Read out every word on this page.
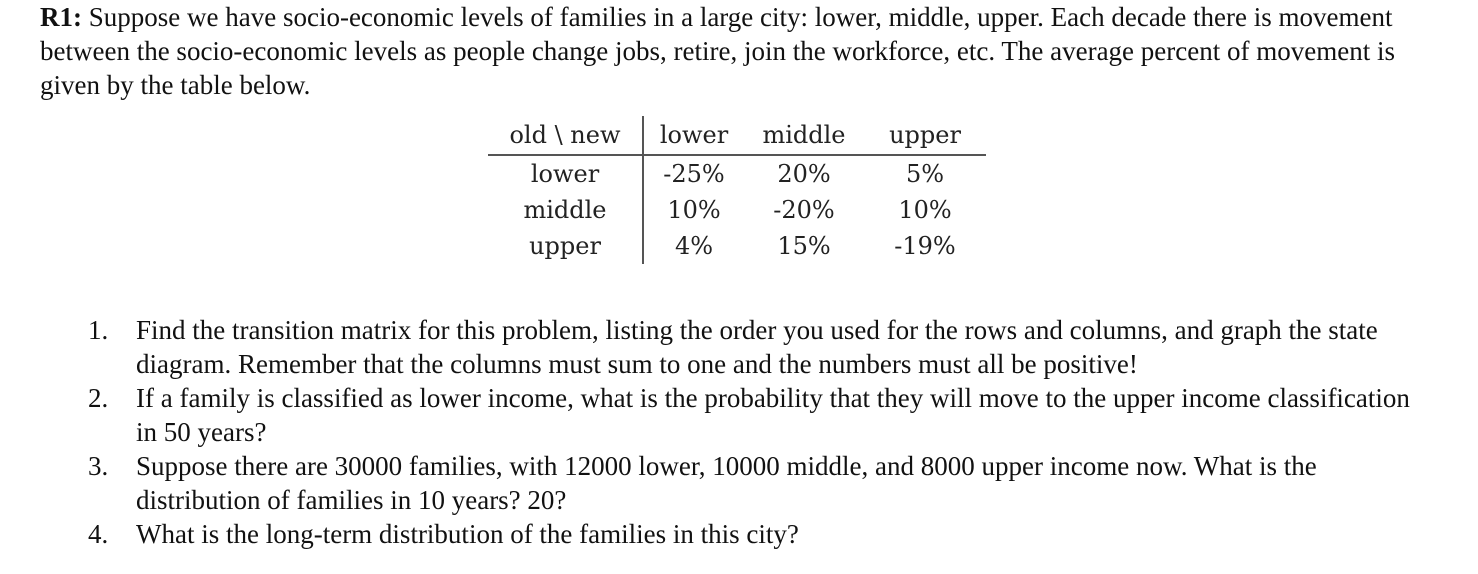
R1: Suppose we have socio-economic levels of families in a large city: lower, middle, upper. Each decade there is movement between the socio-economic levels as people change jobs, retire, join the workforce, etc. The average percent of movement is given by the table below.

old \ new	lower	middle	upper
lower	-25%	20%	5%
middle	10%	-20%	10%
upper	4%	15%	-19%
1. Find the transition matrix for this problem, listing the order you used for the rows and columns, and graph the state diagram. Remember that the columns must sum to one and the numbers must all be positive!
2. If a family is classified as lower income, what is the probability that they will move to the upper income classification in 50 years?
3. Suppose there are 30000 families, with 12000 lower, 10000 middle, and 8000 upper income now. What is the distribution of families in 10 years? 20?
4. What is the long-term distribution of the families in this city?
